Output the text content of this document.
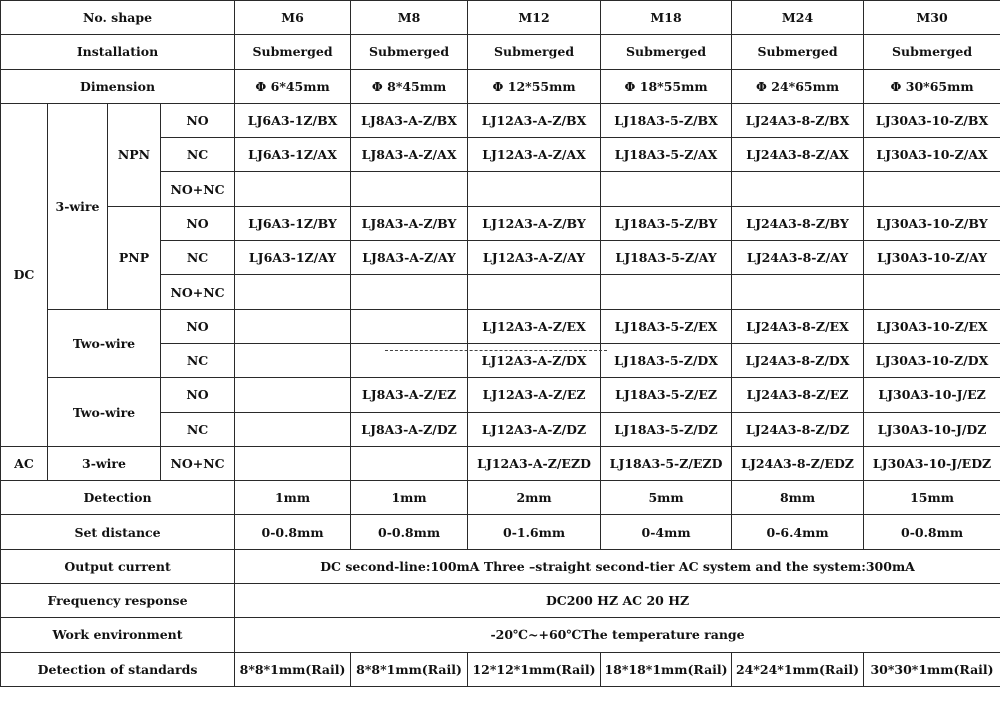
No. shape				M6	M8	M12	M18	M24	M30
Installation				Submerged	Submerged	Submerged	Submerged	Submerged	Submerged
Dimension				Φ 6*45mm	Φ 8*45mm	Φ 12*55mm	Φ 18*55mm	Φ 24*65mm	Φ 30*65mm
DC	3-wire	NPN	NO	LJ6A3-1Z/BX	LJ8A3-A-Z/BX	LJ12A3-A-Z/BX	LJ18A3-5-Z/BX	LJ24A3-8-Z/BX	LJ30A3-10-Z/BX
			NC	LJ6A3-1Z/AX	LJ8A3-A-Z/AX	LJ12A3-A-Z/AX	LJ18A3-5-Z/AX	LJ24A3-8-Z/AX	LJ30A3-10-Z/AX
			NO+NC						
		PNP	NO	LJ6A3-1Z/BY	LJ8A3-A-Z/BY	LJ12A3-A-Z/BY	LJ18A3-5-Z/BY	LJ24A3-8-Z/BY	LJ30A3-10-Z/BY
			NC	LJ6A3-1Z/AY	LJ8A3-A-Z/AY	LJ12A3-A-Z/AY	LJ18A3-5-Z/AY	LJ24A3-8-Z/AY	LJ30A3-10-Z/AY
			NO+NC						
	Two-wire		NO			LJ12A3-A-Z/EX	LJ18A3-5-Z/EX	LJ24A3-8-Z/EX	LJ30A3-10-Z/EX
			NC			LJ12A3-A-Z/DX	LJ18A3-5-Z/DX	LJ24A3-8-Z/DX	LJ30A3-10-Z/DX
	Two-wire		NO		LJ8A3-A-Z/EZ	LJ12A3-A-Z/EZ	LJ18A3-5-Z/EZ	LJ24A3-8-Z/EZ	LJ30A3-10-J/EZ
			NC		LJ8A3-A-Z/DZ	LJ12A3-A-Z/DZ	LJ18A3-5-Z/DZ	LJ24A3-8-Z/DZ	LJ30A3-10-J/DZ
AC	3-wire		NO+NC			LJ12A3-A-Z/EZD	LJ18A3-5-Z/EZD	LJ24A3-8-Z/EDZ	LJ30A3-10-J/EDZ
Detection				1mm	1mm	2mm	5mm	8mm	15mm
Set distance				0-0.8mm	0-0.8mm	0-1.6mm	0-4mm	0-6.4mm	0-0.8mm
Output current				DC second-line:100mA Three –straight second-tier AC system and the system:300mA					
Frequency response				DC200 HZ AC 20 HZ					
Work environment				-20℃~+60℃The temperature range					
Detection of standards				8*8*1mm(Rail)	8*8*1mm(Rail)	12*12*1mm(Rail)	18*18*1mm(Rail)	24*24*1mm(Rail)	30*30*1mm(Rail)
